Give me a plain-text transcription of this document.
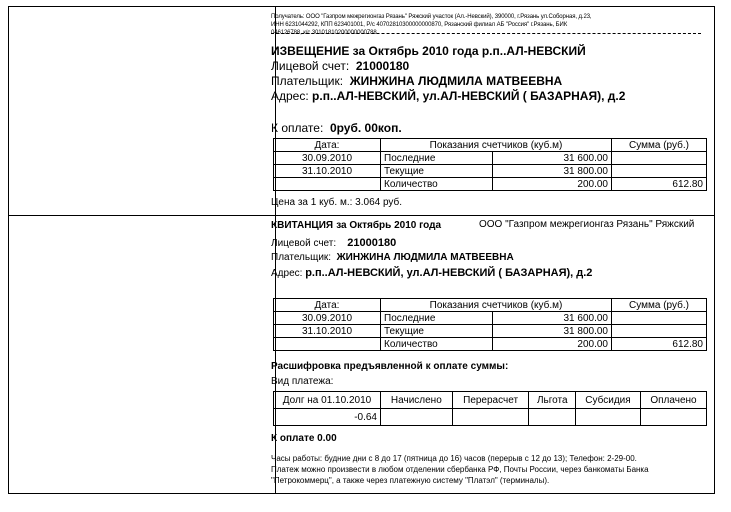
Получатель: ООО "Газпром межрегионгаз Рязань" Ряжский участок (Ал.-Невский), 390000, г.Рязань ул.Соборная, д.23,
ИНН 6231044292, КПП 623401001, Р/с 40702810300000000870, Рязанский филиал АБ "Россия" г.Рязань, БИК
046126788, к/с 30101810200000000788
ИЗВЕЩЕНИЕ за Октябрь 2010 года р.п..АЛ-НЕВСКИЙ
Лицевой счет: 21000180
Плательщик: ЖИНЖИНА ЛЮДМИЛА МАТВЕЕВНА
Адрес: р.п..АЛ-НЕВСКИЙ, ул.АЛ-НЕВСКИЙ ( БАЗАРНАЯ), д.2
К оплате: 0руб. 00коп.
Дата:	Показания счетчиков (куб.м)		Сумма (руб.)
30.09.2010	Последние	31 600.00	
31.10.2010	Текущие	31 800.00	
	Количество	200.00	612.80
Цена за 1 куб. м.: 3.064 руб.
КВИТАНЦИЯ за Октябрь 2010 года	ООО "Газпром межрегионгаз Рязань" Ряжский
Лицевой счет: 21000180
Плательщик: ЖИНЖИНА ЛЮДМИЛА МАТВЕЕВНА
Адрес: р.п..АЛ-НЕВСКИЙ, ул.АЛ-НЕВСКИЙ ( БАЗАРНАЯ), д.2
Дата:	Показания счетчиков (куб.м)		Сумма (руб.)
30.09.2010	Последние	31 600.00	
31.10.2010	Текущие	31 800.00	
	Количество	200.00	612.80
Расшифровка предъявленной к оплате суммы:
Вид платежа:
Долг на 01.10.2010	Начислено	Перерасчет	Льгота	Субсидия	Оплачено
-0.64					
К оплате 0.00
Часы работы: будние дни с 8 до 17 (пятница до 16) часов (перерыв с 12 до 13); Телефон: 2-29-00.
Платеж можно произвести в любом отделении сбербанка РФ, Почты России, через банкоматы Банка
"Петрокоммерц", а также через платежную систему "Платэл" (терминалы).
